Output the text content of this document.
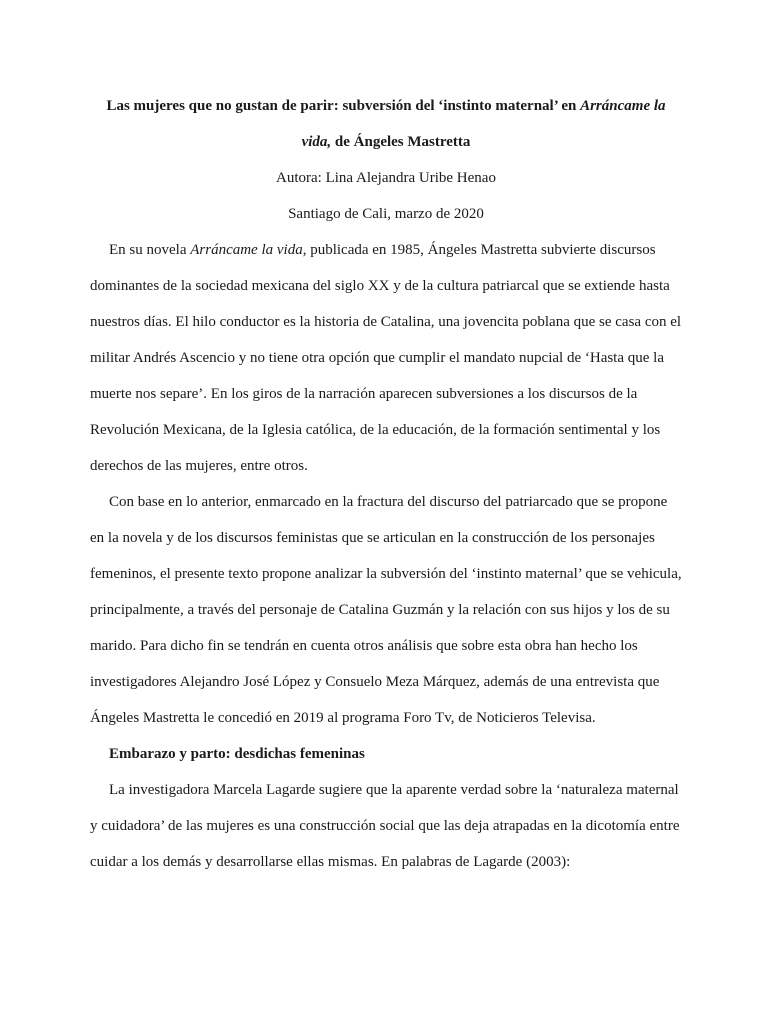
Las mujeres que no gustan de parir: subversión del ‘instinto maternal’ en Arráncame la vida, de Ángeles Mastretta

Autora: Lina Alejandra Uribe Henao

Santiago de Cali, marzo de 2020

En su novela Arráncame la vida, publicada en 1985, Ángeles Mastretta subvierte discursos dominantes de la sociedad mexicana del siglo XX y de la cultura patriarcal que se extiende hasta nuestros días. El hilo conductor es la historia de Catalina, una jovencita poblana que se casa con el militar Andrés Ascencio y no tiene otra opción que cumplir el mandato nupcial de ‘Hasta que la muerte nos separe’. En los giros de la narración aparecen subversiones a los discursos de la Revolución Mexicana, de la Iglesia católica, de la educación, de la formación sentimental y los derechos de las mujeres, entre otros.

Con base en lo anterior, enmarcado en la fractura del discurso del patriarcado que se propone en la novela y de los discursos feministas que se articulan en la construcción de los personajes femeninos, el presente texto propone analizar la subversión del ‘instinto maternal’ que se vehicula, principalmente, a través del personaje de Catalina Guzmán y la relación con sus hijos y los de su marido. Para dicho fin se tendrán en cuenta otros análisis que sobre esta obra han hecho los investigadores Alejandro José López y Consuelo Meza Márquez, además de una entrevista que Ángeles Mastretta le concedió en 2019 al programa Foro Tv, de Noticieros Televisa.

Embarazo y parto: desdichas femeninas

La investigadora Marcela Lagarde sugiere que la aparente verdad sobre la ‘naturaleza maternal y cuidadora’ de las mujeres es una construcción social que las deja atrapadas en la dicotomía entre cuidar a los demás y desarrollarse ellas mismas. En palabras de Lagarde (2003):
